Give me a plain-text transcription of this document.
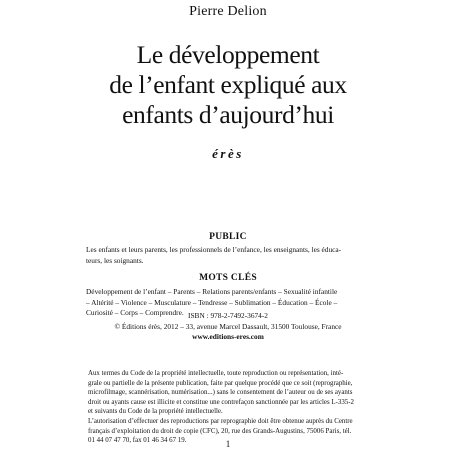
Pierre Delion
Le développement
de l’enfant expliqué aux
enfants d’aujourd’hui
érès
PUBLIC
Les enfants et leurs parents, les professionnels de l’enfance, les enseignants, les éduca-
teurs, les soignants.
MOTS CLÉS
Développement de l’enfant – Parents – Relations parents/enfants – Sexualité infantile
– Altérité – Violence – Musculature – Tendresse – Sublimation – Éducation – École –
Curiosité – Corps – Comprendre. ISBN : 978-2-7492-3674-2
© Éditions érès, 2012 – 33, avenue Marcel Dassault, 31500 Toulouse, France
www.editions-eres.com
Aux termes du Code de la propriété intellectuelle, toute reproduction ou représentation, inté-
grale ou partielle de la présente publication, faite par quelque procédé que ce soit (reprographie,
microfilmage, scannérisation, numérisation...) sans le consentement de l’auteur ou de ses ayants
droit ou ayants cause est illicite et constitue une contrefaçon sanctionnée par les articles L-335-2
et suivants du Code de la propriété intellectuelle.
L’autorisation d’effectuer des reproductions par reprographie doit être obtenue auprès du Centre
français d’exploitation du droit de copie (CFC), 20, rue des Grands-Augustins, 75006 Paris, tél.
01 44 07 47 70, fax 01 46 34 67 19.	1
